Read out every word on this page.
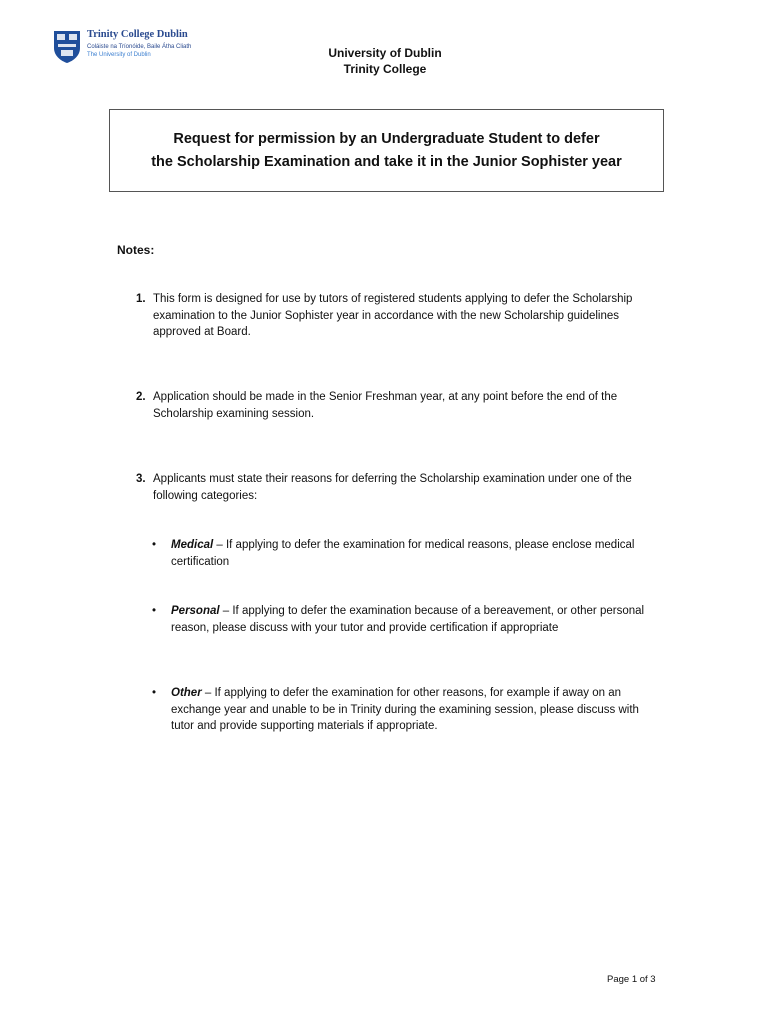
Trinity College Dublin
Coláiste na Tríonóide, Baile Átha Cliath
The University of Dublin	University of Dublin
Trinity College
Request for permission by an Undergraduate Student to defer
the Scholarship Examination and take it in the Junior Sophister year
Notes:
1. This form is designed for use by tutors of registered students applying to defer the Scholarship examination to the Junior Sophister year in accordance with the new Scholarship guidelines approved at Board.
2. Application should be made in the Senior Freshman year, at any point before the end of the Scholarship examining session.
3. Applicants must state their reasons for deferring the Scholarship examination under one of the following categories:
• Medical – If applying to defer the examination for medical reasons, please enclose medical certification
• Personal – If applying to defer the examination because of a bereavement, or other personal reason, please discuss with your tutor and provide certification if appropriate
• Other – If applying to defer the examination for other reasons, for example if away on an exchange year and unable to be in Trinity during the examining session, please discuss with tutor and provide supporting materials if appropriate.
Page 1 of 3
